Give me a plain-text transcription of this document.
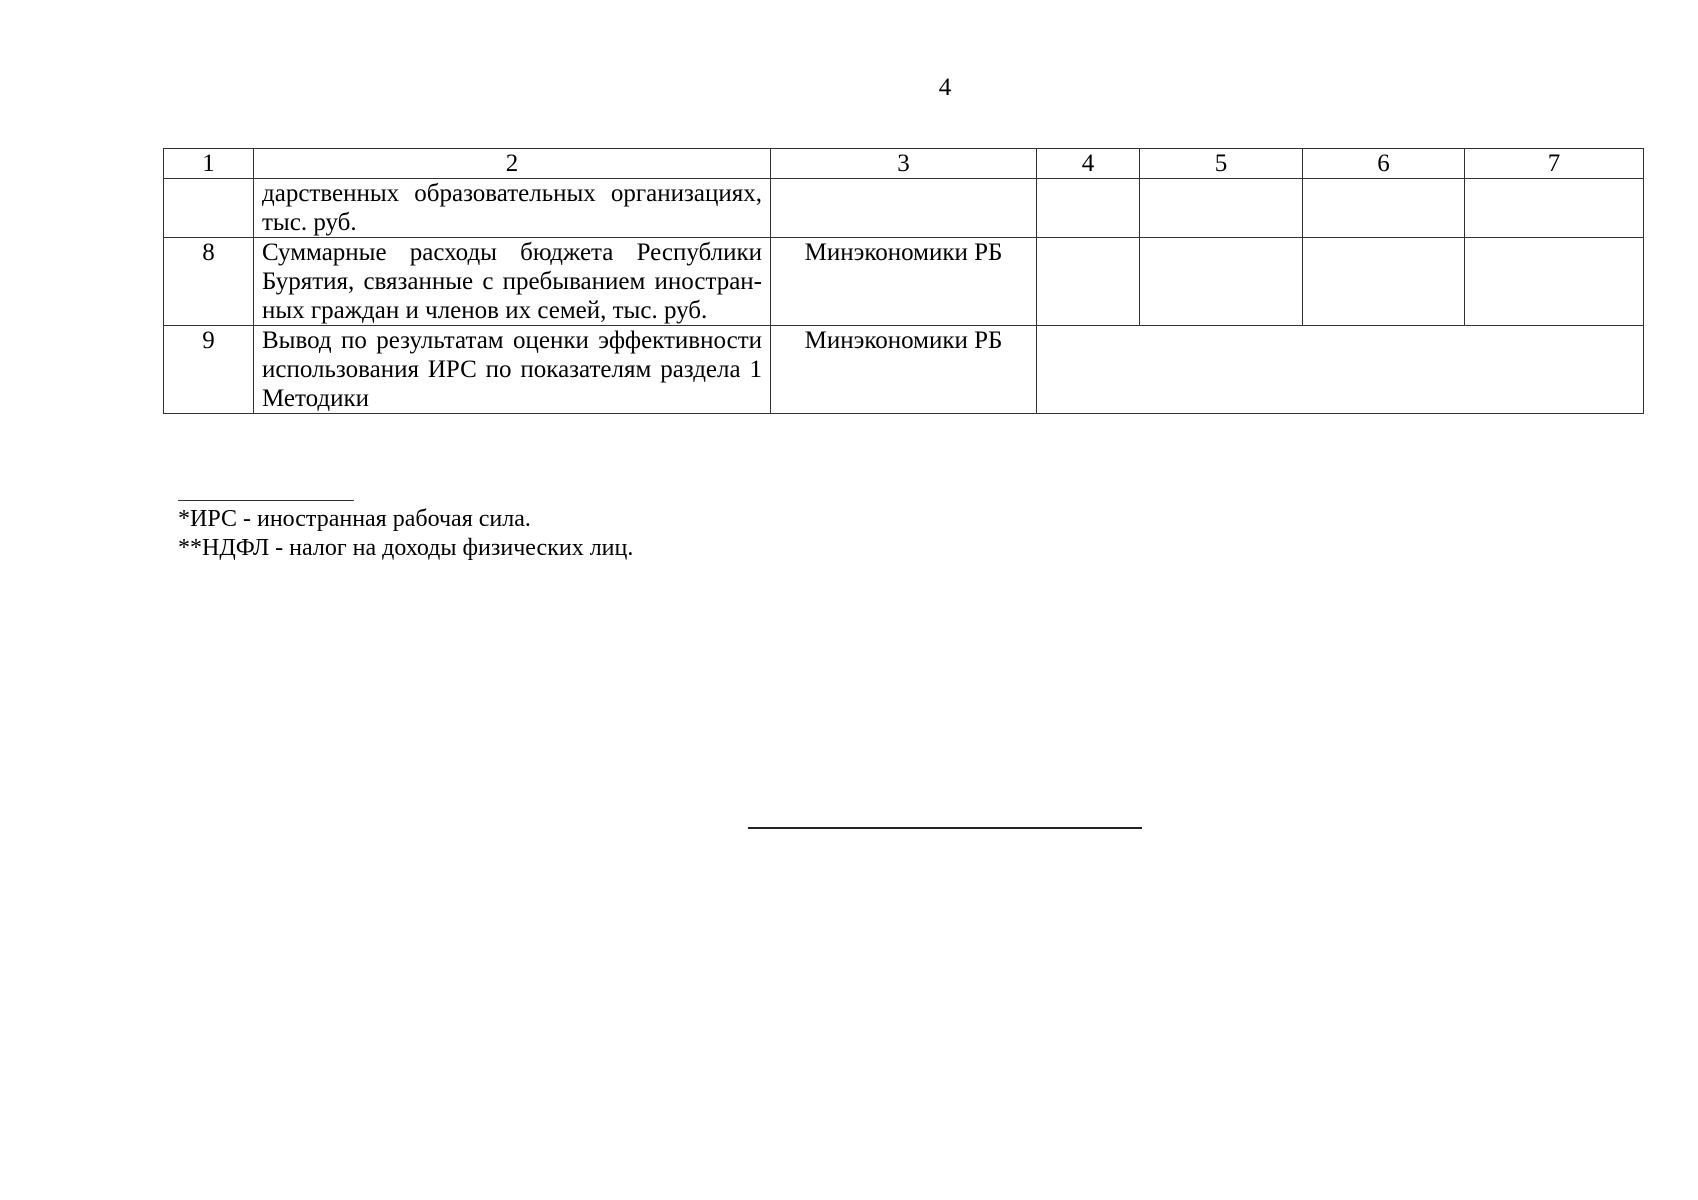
4
1	2	3	4	5	6	7

	дарственных образовательных организациях,
тыс. руб.					

8	Суммарные расходы бюджета Республики
Бурятия, связанные с пребыванием иностран-
ных граждан и членов их семей, тыс. руб.	Минэкономики РБ				
9	Вывод по результатам оценки эффективности
использования ИРС по показателям раздела 1
Методики	Минэкономики РБ				
*ИРС - иностранная рабочая сила.
**НДФЛ - налог на доходы физических лиц.
